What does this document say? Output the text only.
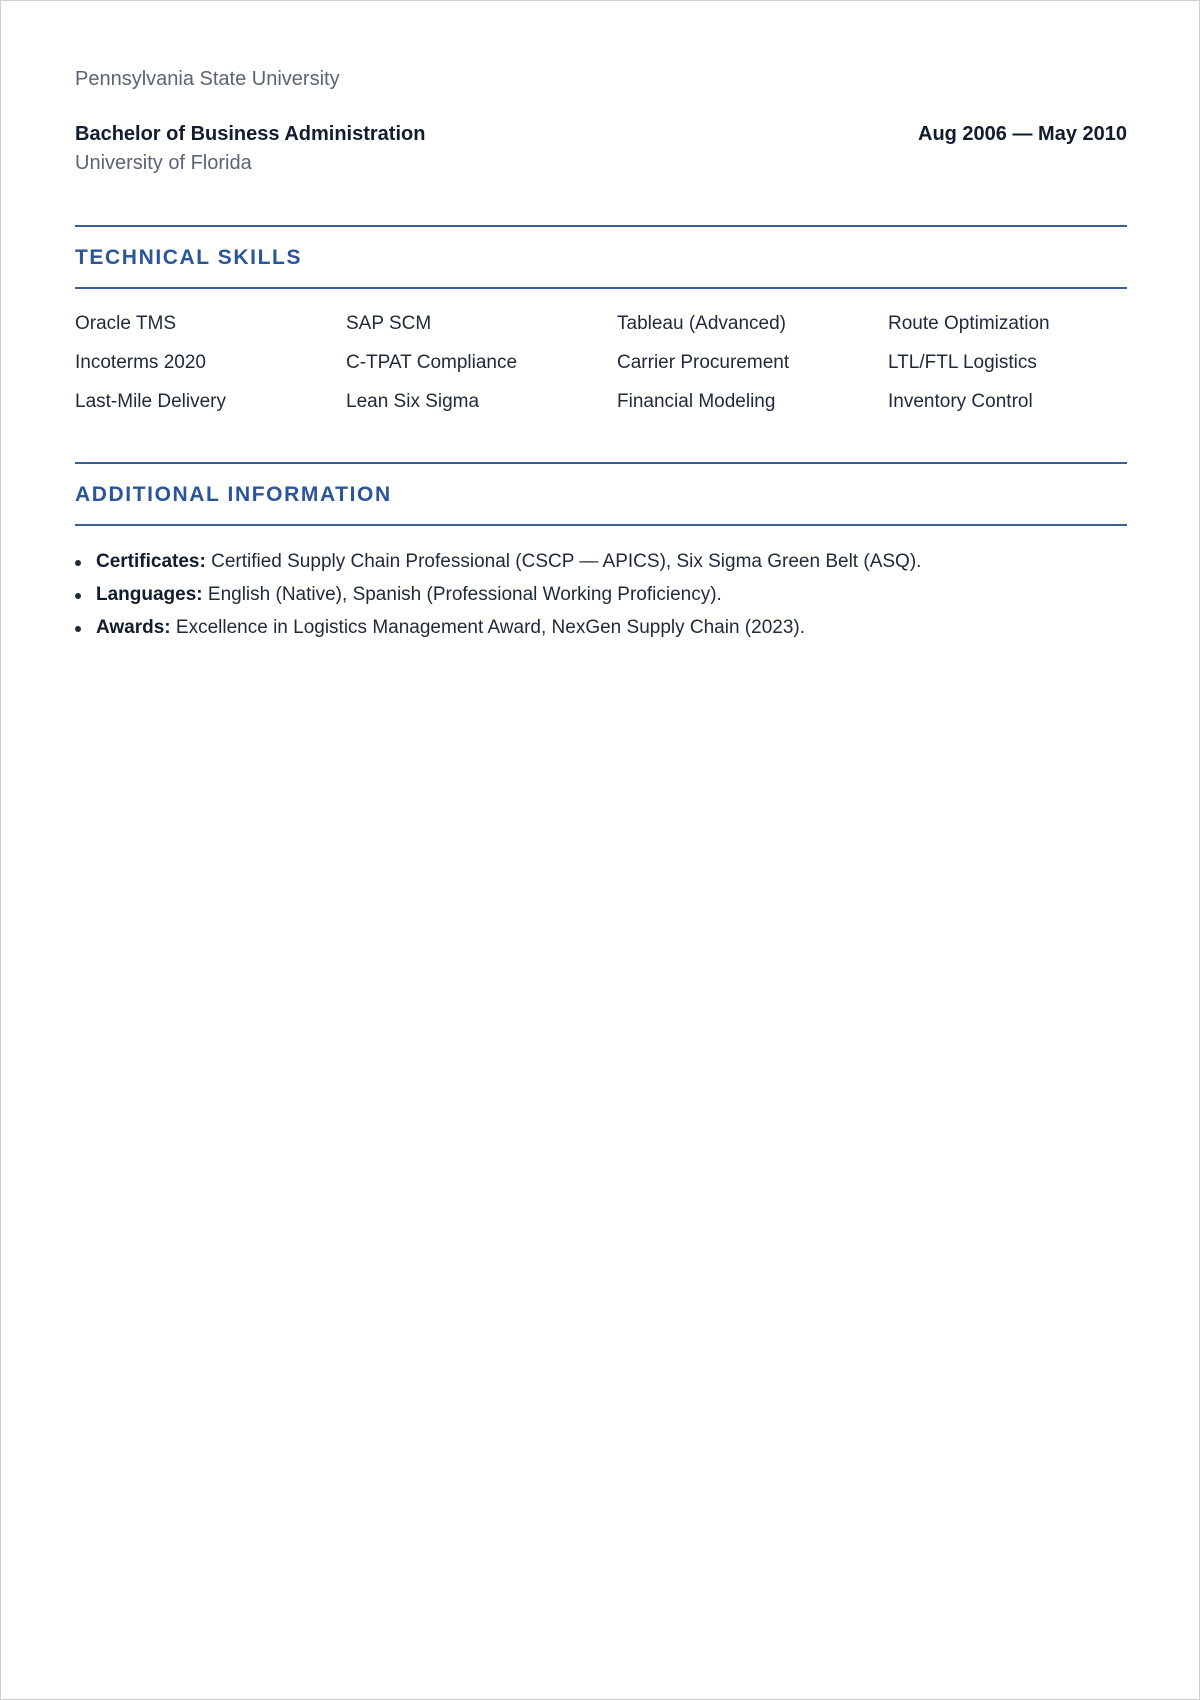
Pennsylvania State University
Bachelor of Business Administration	Aug 2006 — May 2010
University of Florida
TECHNICAL SKILLS
Oracle TMS	SAP SCM	Tableau (Advanced)	Route Optimization
Incoterms 2020	C-TPAT Compliance	Carrier Procurement	LTL/FTL Logistics
Last-Mile Delivery	Lean Six Sigma	Financial Modeling	Inventory Control
ADDITIONAL INFORMATION
Certificates: Certified Supply Chain Professional (CSCP — APICS), Six Sigma Green Belt (ASQ).
Languages: English (Native), Spanish (Professional Working Proficiency).
Awards: Excellence in Logistics Management Award, NexGen Supply Chain (2023).
